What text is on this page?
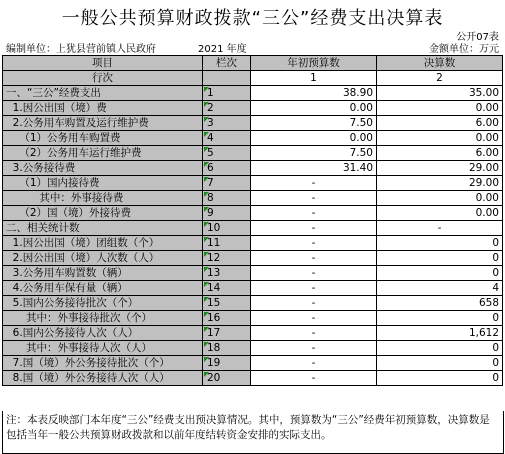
一般公共预算财政拨款“三公”经费支出决算表
公开07表
编制单位：上犹县营前镇人民政府	2021 年度	金额单位：万元
项目	栏次	年初预算数	决算数
行次		1	2
一、“三公”经费支出	1	38.90	35.00
1.因公出国（境）费	2	0.00	0.00
2.公务用车购置及运行维护费	3	7.50	6.00
（1）公务用车购置费	4	0.00	0.00
（2）公务用车运行维护费	5	7.50	6.00
3.公务接待费	6	31.40	29.00
（1）国内接待费	7	-	29.00
其中：外事接待费	8	-	0.00
（2）国（境）外接待费	9	-	0.00
二、相关统计数	10	-	-
1.因公出国（境）团组数（个）	11	-	0
2.因公出国（境）人次数（人）	12	-	0
3.公务用车购置数（辆）	13	-	0
4.公务用车保有量（辆）	14	-	4
5.国内公务接待批次（个）	15	-	658
其中：外事接待批次（个）	16	-	0
6.国内公务接待人次（人）	17	-	1,612
其中：外事接待人次（人）	18	-	0
7.国（境）外公务接待批次（个）	19	-	0
8.国（境）外公务接待人次（人）	20	-	0
注：本表反映部门本年度“三公”经费支出预决算情况。其中，预算数为“三公”经费年初预算数，决算数是包括当年一般公共预算财政拨款和以前年度结转资金安排的实际支出。
